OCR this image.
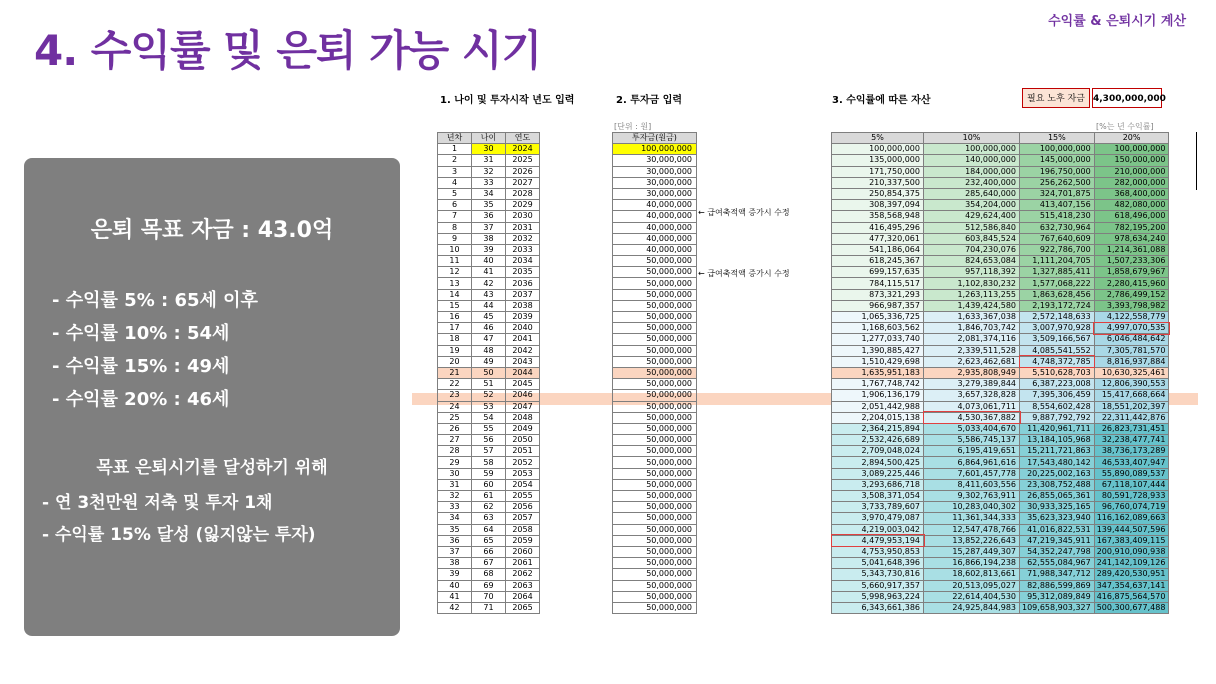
수익률 & 은퇴시기 계산
4. 수익률 및 은퇴 가능 시기
은퇴 목표 자금 : 43.0억
- 수익률 5% : 65세 이후
- 수익률 10% : 54세
- 수익률 15% : 49세
- 수익률 20% : 46세
목표 은퇴시기를 달성하기 위해
- 연 3천만원 저축 및 투자 1채
- 수익률 15% 달성 (잃지않는 투자)
1. 나이 및 투자시작 년도 입력	2. 투자금 입력	3. 수익률에 따른 자산	필요 노후 자금 4,300,000,000
[단위 : 원]	[%는 년 수익률]
년차	나이	연도
1	30	2024
2	31	2025
3	32	2026
4	33	2027
5	34	2028
6	35	2029
7	36	2030
8	37	2031
9	38	2032
10	39	2033
11	40	2034
12	41	2035
13	42	2036
14	43	2037
15	44	2038
16	45	2039
17	46	2040
18	47	2041
19	48	2042
20	49	2043
21	50	2044
22	51	2045
23	52	2046
24	53	2047
25	54	2048
26	55	2049
27	56	2050
28	57	2051
29	58	2052
30	59	2053
31	60	2054
32	61	2055
33	62	2056
34	63	2057
35	64	2058
36	65	2059
37	66	2060
38	67	2061
39	68	2062
40	69	2063
41	70	2064
42	71	2065
투자금(원금)
100,000,000
30,000,000
30,000,000
30,000,000
30,000,000
40,000,000
40,000,000
40,000,000
40,000,000
40,000,000
50,000,000
50,000,000
50,000,000
50,000,000
50,000,000
50,000,000
50,000,000
50,000,000
50,000,000
50,000,000
50,000,000
50,000,000
50,000,000
50,000,000
50,000,000
50,000,000
50,000,000
50,000,000
50,000,000
50,000,000
50,000,000
50,000,000
50,000,000
50,000,000
50,000,000
50,000,000
50,000,000
50,000,000
50,000,000
50,000,000
50,000,000
50,000,000
← 급여축적액 증가시 수정
← 급여축적액 증가시 수정
5%	10%	15%	20%
100,000,000	100,000,000	100,000,000	100,000,000
135,000,000	140,000,000	145,000,000	150,000,000
171,750,000	184,000,000	196,750,000	210,000,000
210,337,500	232,400,000	256,262,500	282,000,000
250,854,375	285,640,000	324,701,875	368,400,000
308,397,094	354,204,000	413,407,156	482,080,000
358,568,948	429,624,400	515,418,230	618,496,000
416,495,296	512,586,840	632,730,964	782,195,200
477,320,061	603,845,524	767,640,609	978,634,240
541,186,064	704,230,076	922,786,700	1,214,361,088
618,245,367	824,653,084	1,111,204,705	1,507,233,306
699,157,635	957,118,392	1,327,885,411	1,858,679,967
784,115,517	1,102,830,232	1,577,068,222	2,280,415,960
873,321,293	1,263,113,255	1,863,628,456	2,786,499,152
966,987,357	1,439,424,580	2,193,172,724	3,393,798,982
1,065,336,725	1,633,367,038	2,572,148,633	4,122,558,779
1,168,603,562	1,846,703,742	3,007,970,928	4,997,070,535
1,277,033,740	2,081,374,116	3,509,166,567	6,046,484,642
1,390,885,427	2,339,511,528	4,085,541,552	7,305,781,570
1,510,429,698	2,623,462,681	4,748,372,785	8,816,937,884
1,635,951,183	2,935,808,949	5,510,628,703	10,630,325,461
1,767,748,742	3,279,389,844	6,387,223,008	12,806,390,553
1,906,136,179	3,657,328,828	7,395,306,459	15,417,668,664
2,051,442,988	4,073,061,711	8,554,602,428	18,551,202,397
2,204,015,138	4,530,367,882	9,887,792,792	22,311,442,876
2,364,215,894	5,033,404,670	11,420,961,711	26,823,731,451
2,532,426,689	5,586,745,137	13,184,105,968	32,238,477,741
2,709,048,024	6,195,419,651	15,211,721,863	38,736,173,289
2,894,500,425	6,864,961,616	17,543,480,142	46,533,407,947
3,089,225,446	7,601,457,778	20,225,002,163	55,890,089,537
3,293,686,718	8,411,603,556	23,308,752,488	67,118,107,444
3,508,371,054	9,302,763,911	26,855,065,361	80,591,728,933
3,733,789,607	10,283,040,302	30,933,325,165	96,760,074,719
3,970,479,087	11,361,344,333	35,623,323,940	116,162,089,663
4,219,003,042	12,547,478,766	41,016,822,531	139,444,507,596
4,479,953,194	13,852,226,643	47,219,345,911	167,383,409,115
4,753,950,853	15,287,449,307	54,352,247,798	200,910,090,938
5,041,648,396	16,866,194,238	62,555,084,967	241,142,109,126
5,343,730,816	18,602,813,661	71,988,347,712	289,420,530,951
5,660,917,357	20,513,095,027	82,886,599,869	347,354,637,141
5,998,963,224	22,614,404,530	95,312,089,849	416,875,564,570
6,343,661,386	24,925,844,983	109,658,903,327	500,300,677,488
